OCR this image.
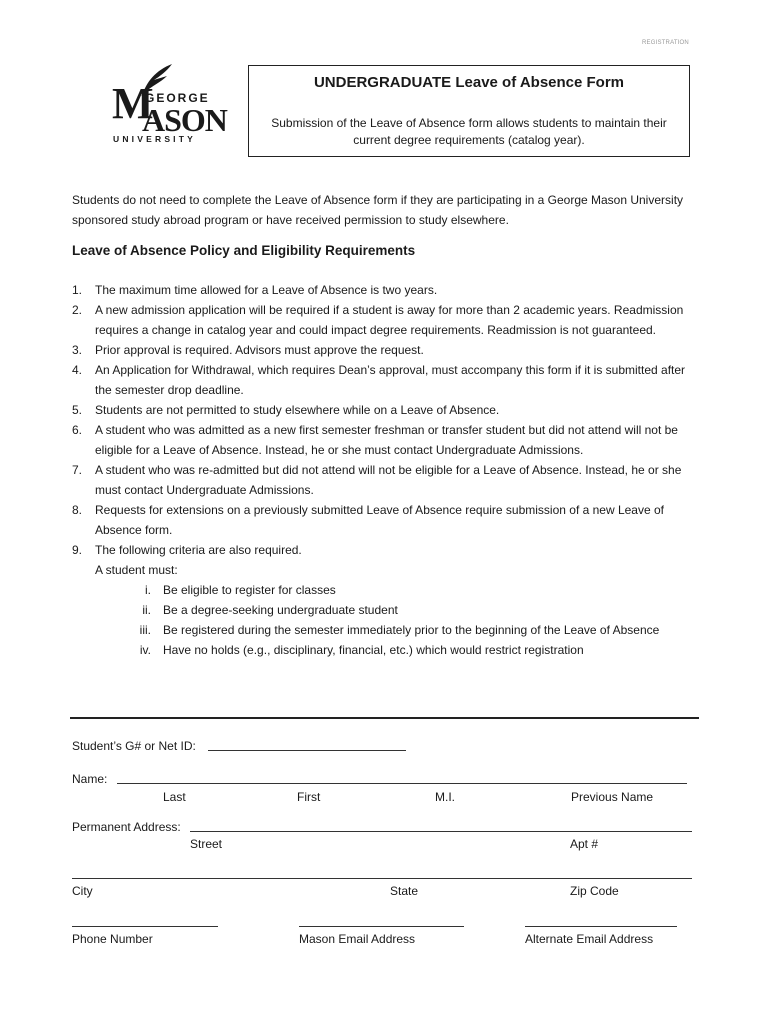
REGISTRATION
M
GEORGE
ASON
UNIVERSITY
UNDERGRADUATE Leave of Absence Form
Submission of the Leave of Absence form allows students to maintain their current degree requirements (catalog year).
Students do not need to complete the Leave of Absence form if they are participating in a George Mason University sponsored study abroad program or have received permission to study elsewhere.
Leave of Absence Policy and Eligibility Requirements
1. The maximum time allowed for a Leave of Absence is two years.
2. A new admission application will be required if a student is away for more than 2 academic years. Readmission requires a change in catalog year and could impact degree requirements. Readmission is not guaranteed.
3. Prior approval is required. Advisors must approve the request.
4. An Application for Withdrawal, which requires Dean’s approval, must accompany this form if it is submitted after the semester drop deadline.
5. Students are not permitted to study elsewhere while on a Leave of Absence.
6. A student who was admitted as a new first semester freshman or transfer student but did not attend will not be eligible for a Leave of Absence. Instead, he or she must contact Undergraduate Admissions.
7. A student who was re-admitted but did not attend will not be eligible for a Leave of Absence. Instead, he or she must contact Undergraduate Admissions.
8. Requests for extensions on a previously submitted Leave of Absence require submission of a new Leave of Absence form.
9. The following criteria are also required.
A student must:
i. Be eligible to register for classes
ii. Be a degree-seeking undergraduate student
iii. Be registered during the semester immediately prior to the beginning of the Leave of Absence
iv. Have no holds (e.g., disciplinary, financial, etc.) which would restrict registration
Student’s G# or Net ID:
Name:
Last	First	M.I.	Previous Name
Permanent Address:
Street	Apt #
City	State	Zip Code
Phone Number	Mason Email Address	Alternate Email Address
